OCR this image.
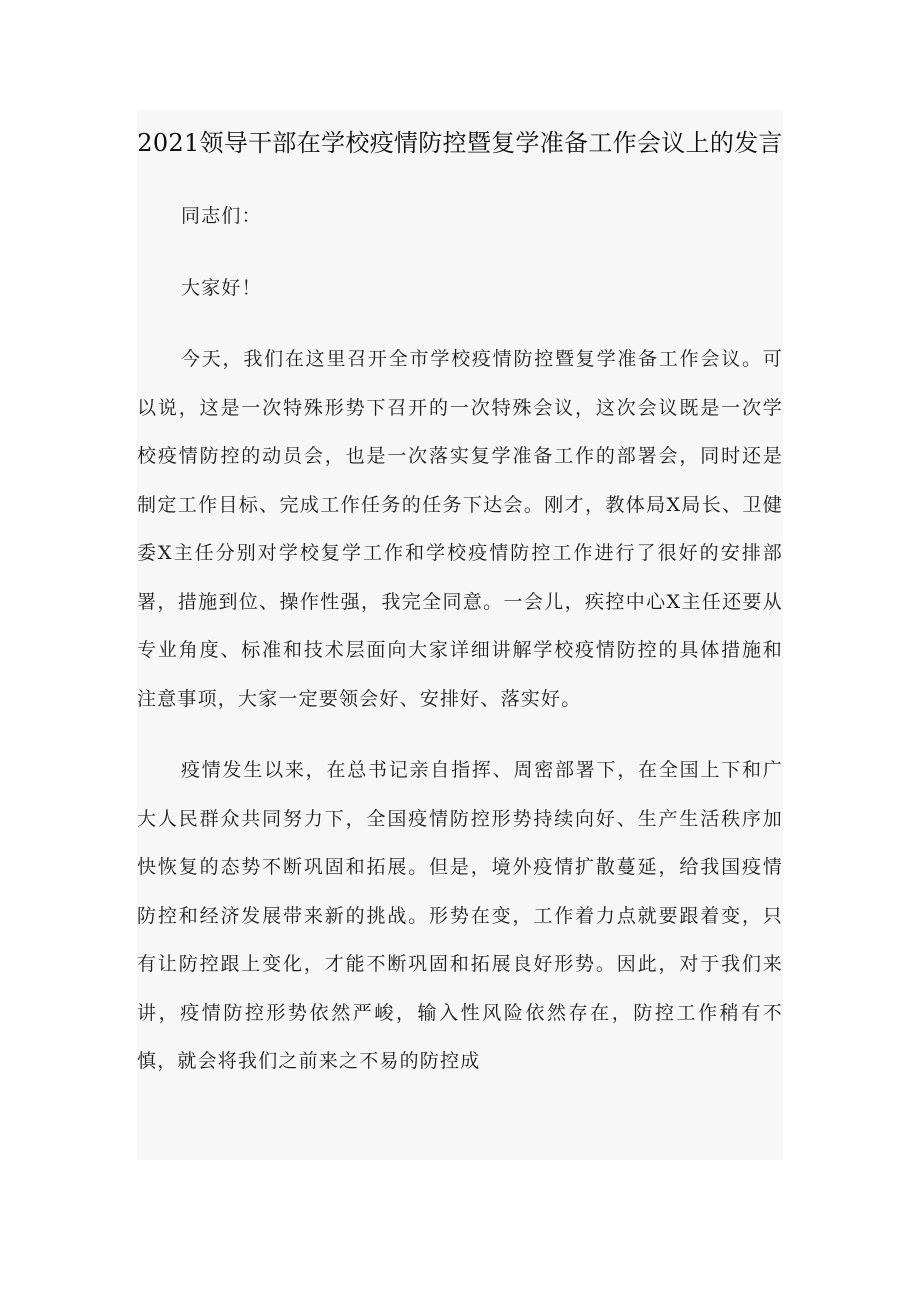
2021领导干部在学校疫情防控暨复学准备工作会议上的发言

同志们：

大家好！

今天，我们在这里召开全市学校疫情防控暨复学准备工作会议。可以说，这是一次特殊形势下召开的一次特殊会议，这次会议既是一次学校疫情防控的动员会，也是一次落实复学准备工作的部署会，同时还是制定工作目标、完成工作任务的任务下达会。刚才，教体局X局长、卫健委X主任分别对学校复学工作和学校疫情防控工作进行了很好的安排部署，措施到位、操作性强，我完全同意。一会儿，疾控中心X主任还要从专业角度、标准和技术层面向大家详细讲解学校疫情防控的具体措施和注意事项，大家一定要领会好、安排好、落实好。

疫情发生以来，在总书记亲自指挥、周密部署下，在全国上下和广大人民群众共同努力下，全国疫情防控形势持续向好、生产生活秩序加快恢复的态势不断巩固和拓展。但是，境外疫情扩散蔓延，给我国疫情防控和经济发展带来新的挑战。形势在变，工作着力点就要跟着变，只有让防控跟上变化，才能不断巩固和拓展良好形势。因此，对于我们来讲，疫情防控形势依然严峻，输入性风险依然存在，防控工作稍有不慎，就会将我们之前来之不易的防控成
